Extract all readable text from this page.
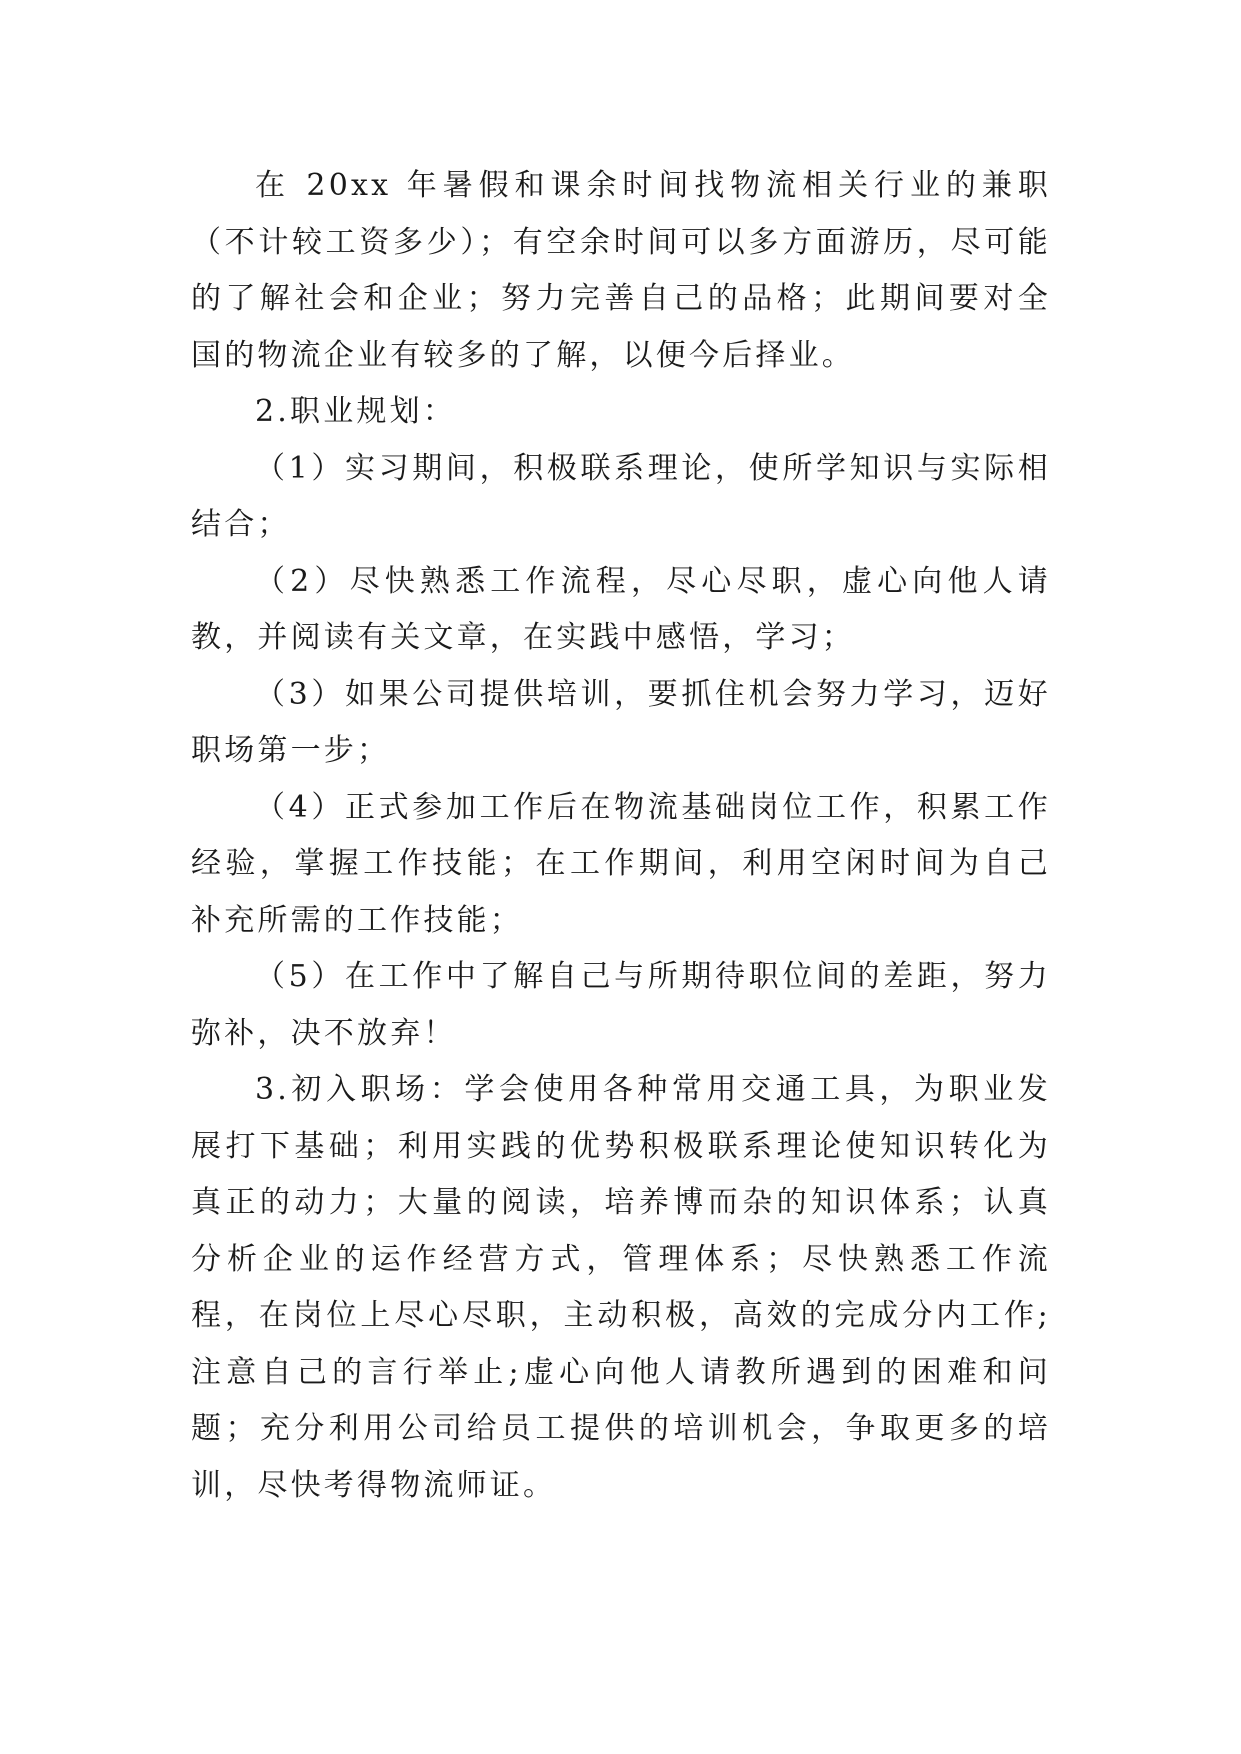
在 20xx 年暑假和课余时间找物流相关行业的兼职（不计较工资多少）；有空余时间可以多方面游历，尽可能的了解社会和企业；努力完善自己的品格；此期间要对全国的物流企业有较多的了解，以便今后择业。

2.职业规划：

（1）实习期间，积极联系理论，使所学知识与实际相结合；

（2）尽快熟悉工作流程，尽心尽职，虚心向他人请教，并阅读有关文章，在实践中感悟，学习；

（3）如果公司提供培训，要抓住机会努力学习，迈好职场第一步；

（4）正式参加工作后在物流基础岗位工作，积累工作经验，掌握工作技能；在工作期间，利用空闲时间为自己补充所需的工作技能；

（5）在工作中了解自己与所期待职位间的差距，努力弥补，决不放弃！

3.初入职场：学会使用各种常用交通工具，为职业发展打下基础；利用实践的优势积极联系理论使知识转化为真正的动力；大量的阅读，培养博而杂的知识体系；认真分析企业的运作经营方式，管理体系；尽快熟悉工作流程，在岗位上尽心尽职，主动积极，高效的完成分内工作;注意自己的言行举止;虚心向他人请教所遇到的困难和问题；充分利用公司给员工提供的培训机会，争取更多的培训，尽快考得物流师证。
